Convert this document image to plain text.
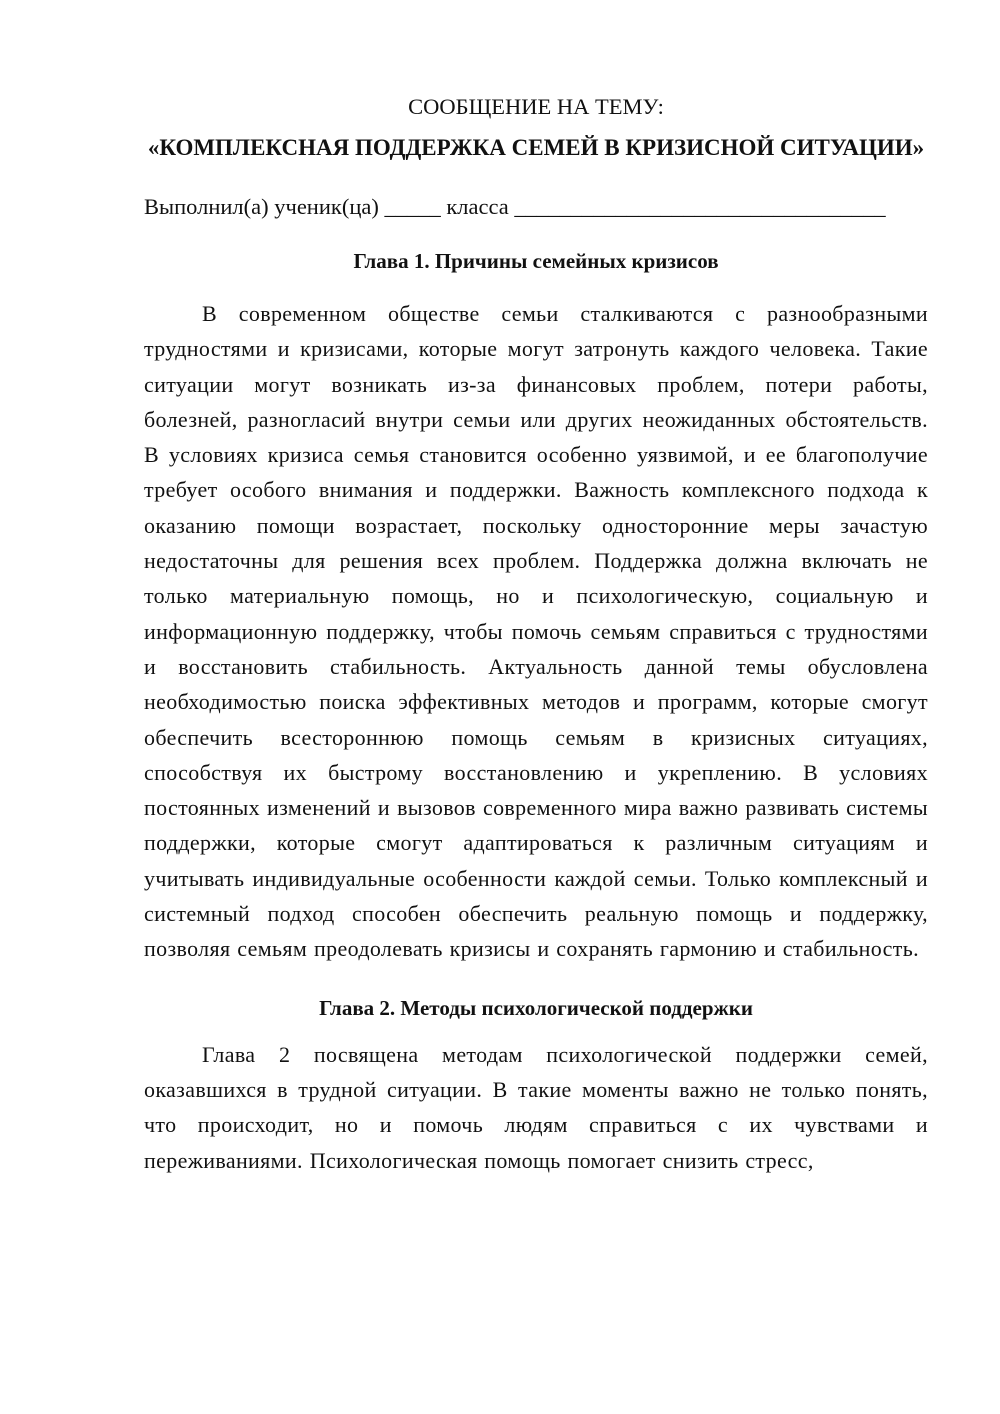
СООБЩЕНИЕ НА ТЕМУ:

«КОМПЛЕКСНАЯ ПОДДЕРЖКА СЕМЕЙ В КРИЗИСНОЙ СИТУАЦИИ»

Выполнил(а) ученик(ца) _____ класса _________________________________

Глава 1. Причины семейных кризисов

В современном обществе семьи сталкиваются с разнообразными трудностями и кризисами, которые могут затронуть каждого человека. Такие ситуации могут возникать из-за финансовых проблем, потери работы, болезней, разногласий внутри семьи или других неожиданных обстоятельств. В условиях кризиса семья становится особенно уязвимой, и ее благополучие требует особого внимания и поддержки. Важность комплексного подхода к оказанию помощи возрастает, поскольку односторонние меры зачастую недостаточны для решения всех проблем. Поддержка должна включать не только материальную помощь, но и психологическую, социальную и информационную поддержку, чтобы помочь семьям справиться с трудностями и восстановить стабильность. Актуальность данной темы обусловлена необходимостью поиска эффективных методов и программ, которые смогут обеспечить всестороннюю помощь семьям в кризисных ситуациях, способствуя их быстрому восстановлению и укреплению. В условиях постоянных изменений и вызовов современного мира важно развивать системы поддержки, которые смогут адаптироваться к различным ситуациям и учитывать индивидуальные особенности каждой семьи. Только комплексный и системный подход способен обеспечить реальную помощь и поддержку, позволяя семьям преодолевать кризисы и сохранять гармонию и стабильность.

Глава 2. Методы психологической поддержки

Глава 2 посвящена методам психологической поддержки семей, оказавшихся в трудной ситуации. В такие моменты важно не только понять, что происходит, но и помочь людям справиться с их чувствами и переживаниями. Психологическая помощь помогает снизить стресс,
